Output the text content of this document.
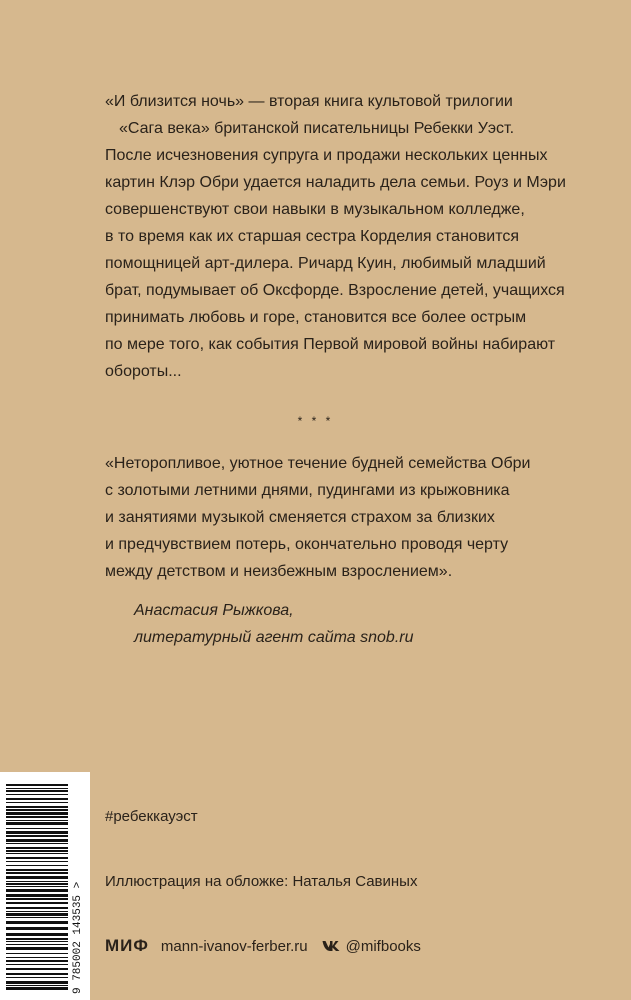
«И близится ночь» — вторая книга культовой трилогии
«Сага века» британской писательницы Ребекки Уэст.
После исчезновения супруга и продажи нескольких ценных
картин Клэр Обри удается наладить дела семьи. Роуз и Мэри
совершенствуют свои навыки в музыкальном колледже,
в то время как их старшая сестра Корделия становится
помощницей арт-дилера. Ричард Куин, любимый младший
брат, подумывает об Оксфорде. Взросление детей, учащихся
принимать любовь и горе, становится все более острым
по мере того, как события Первой мировой войны набирают
обороты...
* * *
«Неторопливое, уютное течение будней семейства Обри
с золотыми летними днями, пудингами из крыжовника
и занятиями музыкой сменяется страхом за близких
и предчувствием потерь, окончательно проводя черту
между детством и неизбежным взрослением».
Анастасия Рыжкова,
литературный агент сайта snob.ru
9 785002 143535 >
#ребеккауэст
Иллюстрация на обложке: Наталья Савиных
МИФ mann-ivanov-ferber.ru	@mifbooks
